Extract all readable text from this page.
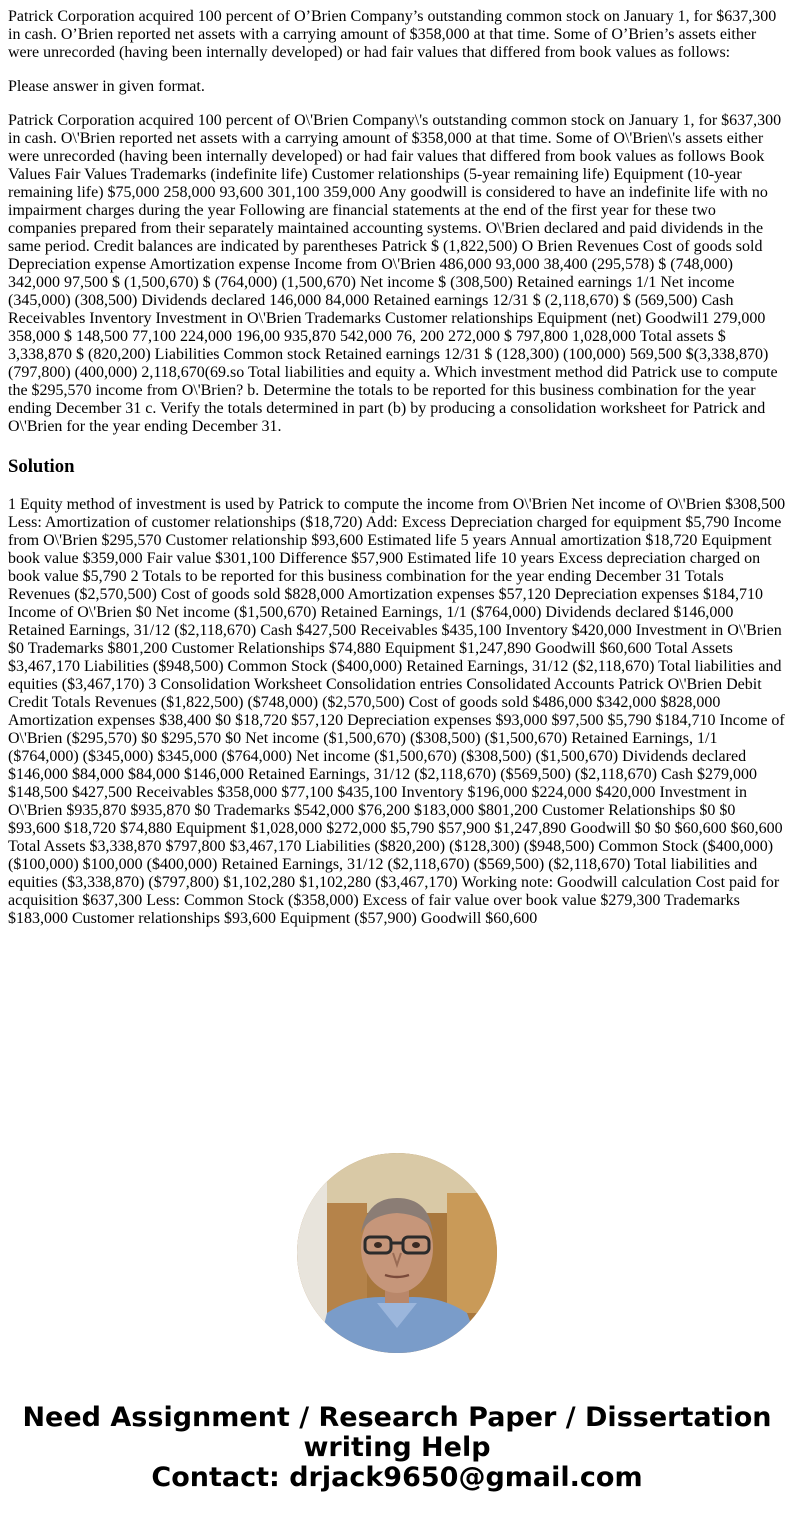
Patrick Corporation acquired 100 percent of O’Brien Company’s outstanding common stock on January 1, for $637,300 in cash. O’Brien reported net assets with a carrying amount of $358,000 at that time. Some of O’Brien’s assets either were unrecorded (having been internally developed) or had fair values that differed from book values as follows:

Please answer in given format.

Patrick Corporation acquired 100 percent of O\'Brien Company\'s outstanding common stock on January 1, for $637,300 in cash. O\'Brien reported net assets with a carrying amount of $358,000 at that time. Some of O\'Brien\'s assets either were unrecorded (having been internally developed) or had fair values that differed from book values as follows Book Values Fair Values Trademarks (indefinite life) Customer relationships (5-year remaining life) Equipment (10-year remaining life) $75,000 258,000 93,600 301,100 359,000 Any goodwill is considered to have an indefinite life with no impairment charges during the year Following are financial statements at the end of the first year for these two companies prepared from their separately maintained accounting systems. O\'Brien declared and paid dividends in the same period. Credit balances are indicated by parentheses Patrick $ (1,822,500) O Brien Revenues Cost of goods sold Depreciation expense Amortization expense Income from O\'Brien 486,000 93,000 38,400 (295,578) $ (748,000) 342,000 97,500 $ (1,500,670) $ (764,000) (1,500,670) Net income $ (308,500) Retained earnings 1/1 Net income (345,000) (308,500) Dividends declared 146,000 84,000 Retained earnings 12/31 $ (2,118,670) $ (569,500) Cash Receivables Inventory Investment in O\'Brien Trademarks Customer relationships Equipment (net) Goodwil1 279,000 358,000 $ 148,500 77,100 224,000 196,00 935,870 542,000 76, 200 272,000 $ 797,800 1,028,000 Total assets $ 3,338,870 $ (820,200) Liabilities Common stock Retained earnings 12/31 $ (128,300) (100,000) 569,500 $(3,338,870) (797,800) (400,000) 2,118,670(69.so Total liabilities and equity a. Which investment method did Patrick use to compute the $295,570 income from O\'Brien? b. Determine the totals to be reported for this business combination for the year ending December 31 c. Verify the totals determined in part (b) by producing a consolidation worksheet for Patrick and O\'Brien for the year ending December 31.

Solution

1 Equity method of investment is used by Patrick to compute the income from O\'Brien Net income of O\'Brien $308,500 Less: Amortization of customer relationships ($18,720) Add: Excess Depreciation charged for equipment $5,790 Income from O\'Brien $295,570 Customer relationship $93,600 Estimated life 5 years Annual amortization $18,720 Equipment book value $359,000 Fair value $301,100 Difference $57,900 Estimated life 10 years Excess depreciation charged on book value $5,790 2 Totals to be reported for this business combination for the year ending December 31 Totals Revenues ($2,570,500) Cost of goods sold $828,000 Amortization expenses $57,120 Depreciation expenses $184,710 Income of O\'Brien $0 Net income ($1,500,670) Retained Earnings, 1/1 ($764,000) Dividends declared $146,000 Retained Earnings, 31/12 ($2,118,670) Cash $427,500 Receivables $435,100 Inventory $420,000 Investment in O\'Brien $0 Trademarks $801,200 Customer Relationships $74,880 Equipment $1,247,890 Goodwill $60,600 Total Assets $3,467,170 Liabilities ($948,500) Common Stock ($400,000) Retained Earnings, 31/12 ($2,118,670) Total liabilities and equities ($3,467,170) 3 Consolidation Worksheet Consolidation entries Consolidated Accounts Patrick O\'Brien Debit Credit Totals Revenues ($1,822,500) ($748,000) ($2,570,500) Cost of goods sold $486,000 $342,000 $828,000 Amortization expenses $38,400 $0 $18,720 $57,120 Depreciation expenses $93,000 $97,500 $5,790 $184,710 Income of O\'Brien ($295,570) $0 $295,570 $0 Net income ($1,500,670) ($308,500) ($1,500,670) Retained Earnings, 1/1 ($764,000) ($345,000) $345,000 ($764,000) Net income ($1,500,670) ($308,500) ($1,500,670) Dividends declared $146,000 $84,000 $84,000 $146,000 Retained Earnings, 31/12 ($2,118,670) ($569,500) ($2,118,670) Cash $279,000 $148,500 $427,500 Receivables $358,000 $77,100 $435,100 Inventory $196,000 $224,000 $420,000 Investment in O\'Brien $935,870 $935,870 $0 Trademarks $542,000 $76,200 $183,000 $801,200 Customer Relationships $0 $0 $93,600 $18,720 $74,880 Equipment $1,028,000 $272,000 $5,790 $57,900 $1,247,890 Goodwill $0 $0 $60,600 $60,600 Total Assets $3,338,870 $797,800 $3,467,170 Liabilities ($820,200) ($128,300) ($948,500) Common Stock ($400,000) ($100,000) $100,000 ($400,000) Retained Earnings, 31/12 ($2,118,670) ($569,500) ($2,118,670) Total liabilities and equities ($3,338,870) ($797,800) $1,102,280 $1,102,280 ($3,467,170) Working note: Goodwill calculation Cost paid for acquisition $637,300 Less: Common Stock ($358,000) Excess of fair value over book value $279,300 Trademarks $183,000 Customer relationships $93,600 Equipment ($57,900) Goodwill $60,600

Need Assignment / Research Paper / Dissertation
writing Help
Contact: drjack9650@gmail.com
